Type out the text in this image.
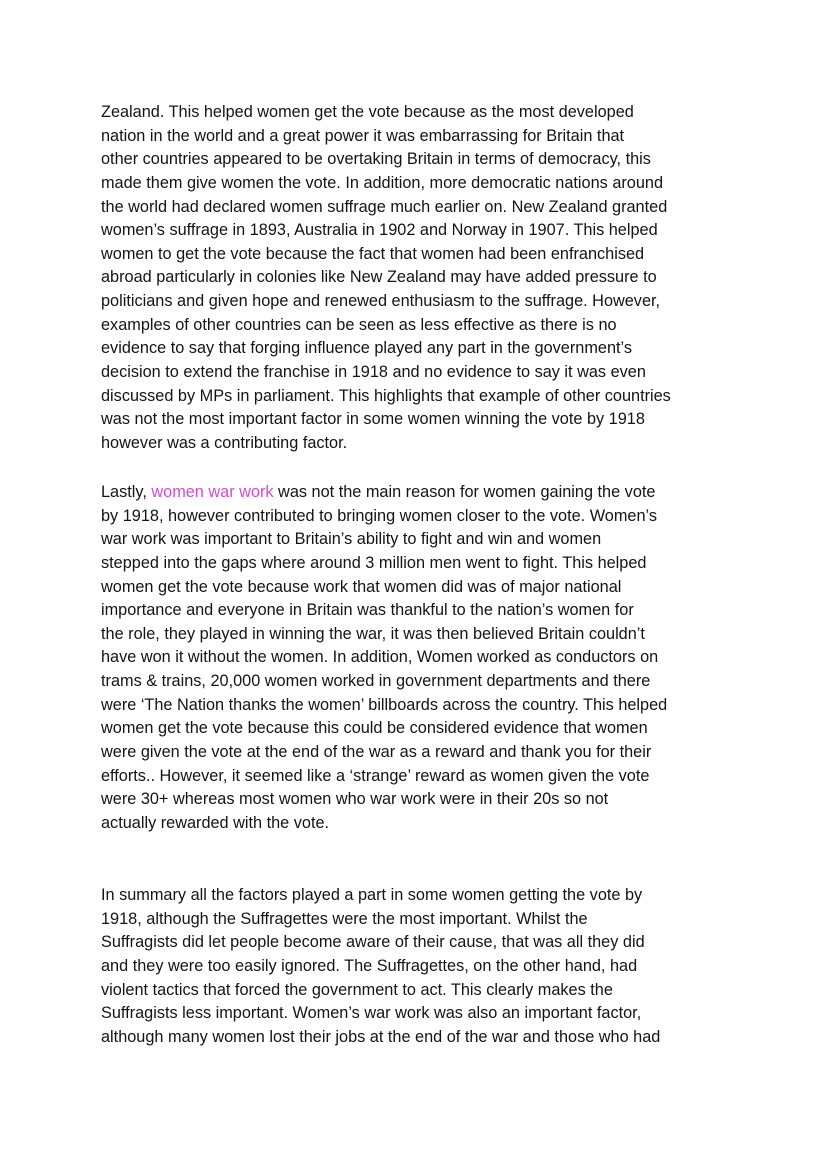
Zealand. This helped women get the vote because as the most developed
nation in the world and a great power it was embarrassing for Britain that
other countries appeared to be overtaking Britain in terms of democracy, this
made them give women the vote. In addition, more democratic nations around
the world had declared women suffrage much earlier on. New Zealand granted
women’s suffrage in 1893, Australia in 1902 and Norway in 1907. This helped
women to get the vote because the fact that women had been enfranchised
abroad particularly in colonies like New Zealand may have added pressure to
politicians and given hope and renewed enthusiasm to the suffrage. However,
examples of other countries can be seen as less effective as there is no
evidence to say that forging influence played any part in the government’s
decision to extend the franchise in 1918 and no evidence to say it was even
discussed by MPs in parliament. This highlights that example of other countries
was not the most important factor in some women winning the vote by 1918
however was a contributing factor.
Lastly, women war work was not the main reason for women gaining the vote
by 1918, however contributed to bringing women closer to the vote. Women’s
war work was important to Britain’s ability to fight and win and women
stepped into the gaps where around 3 million men went to fight. This helped
women get the vote because work that women did was of major national
importance and everyone in Britain was thankful to the nation’s women for
the role, they played in winning the war, it was then believed Britain couldn’t
have won it without the women. In addition, Women worked as conductors on
trams & trains, 20,000 women worked in government departments and there
were ‘The Nation thanks the women’ billboards across the country. This helped
women get the vote because this could be considered evidence that women
were given the vote at the end of the war as a reward and thank you for their
efforts.. However, it seemed like a ‘strange’ reward as women given the vote
were 30+ whereas most women who war work were in their 20s so not
actually rewarded with the vote.
In summary all the factors played a part in some women getting the vote by
1918, although the Suffragettes were the most important. Whilst the
Suffragists did let people become aware of their cause, that was all they did
and they were too easily ignored. The Suffragettes, on the other hand, had
violent tactics that forced the government to act. This clearly makes the
Suffragists less important. Women’s war work was also an important factor,
although many women lost their jobs at the end of the war and those who had
